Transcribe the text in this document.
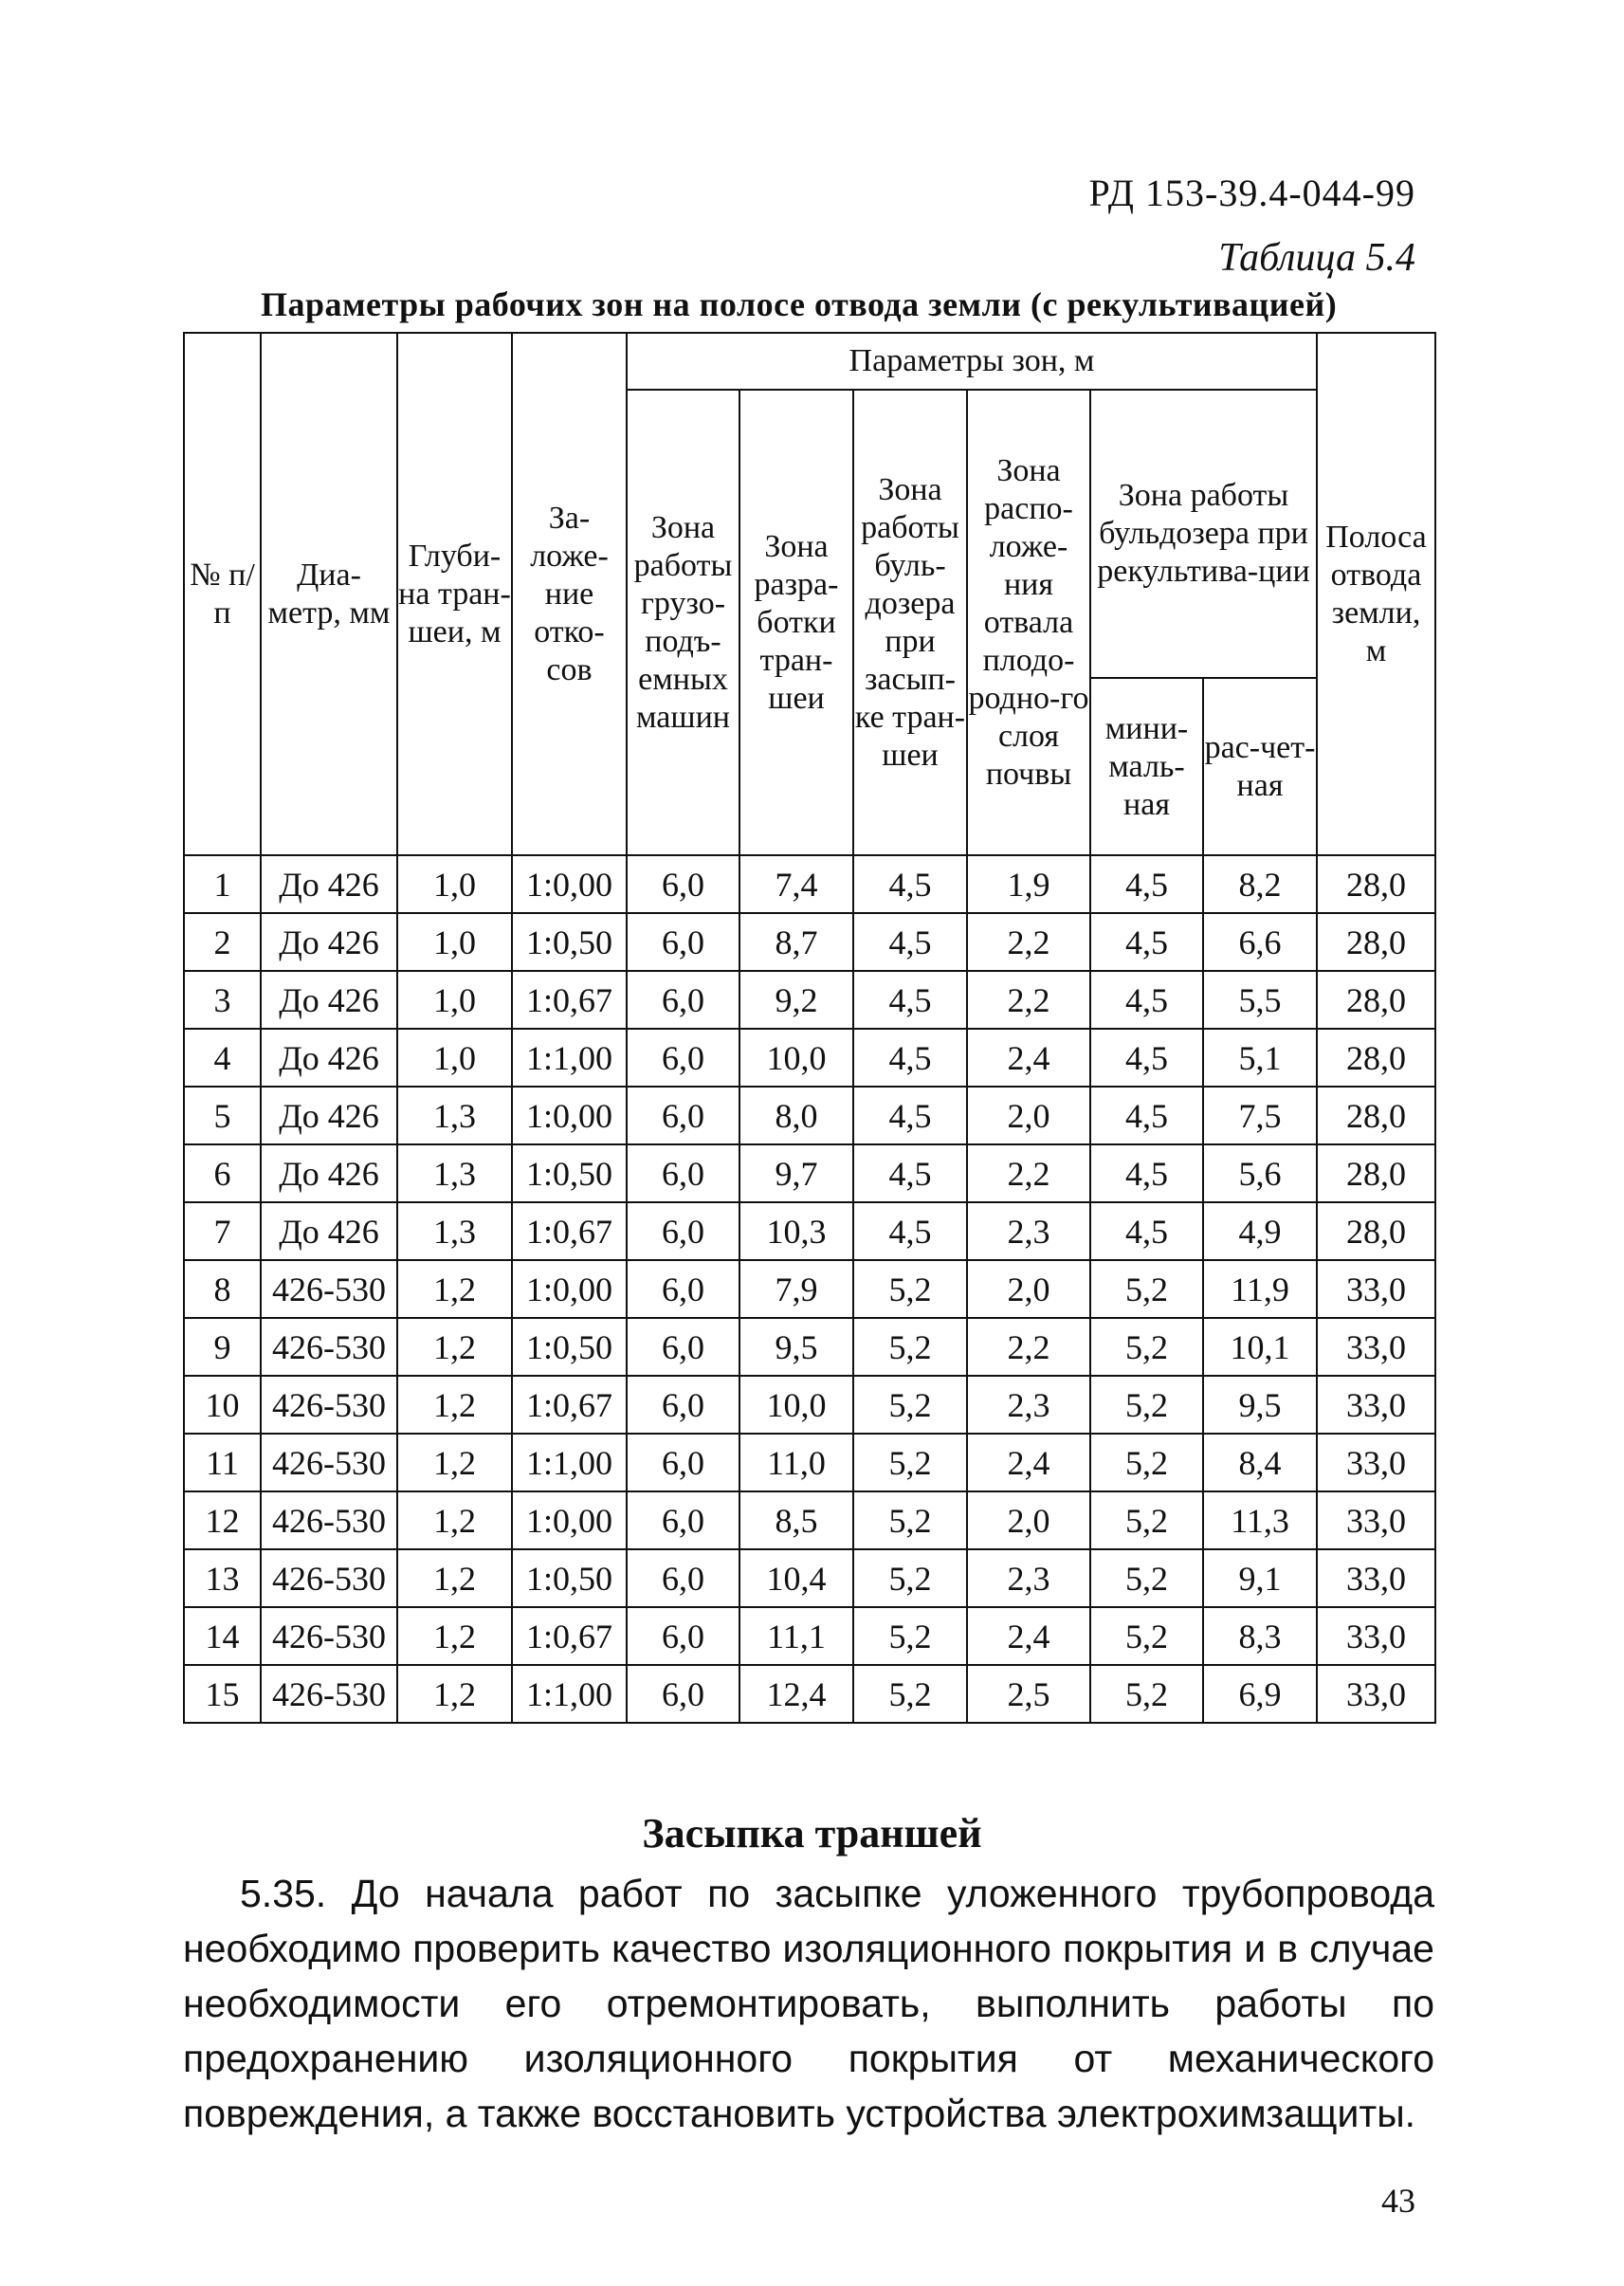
РД 153-39.4-044-99
Таблица 5.4
Параметры рабочих зон на полосе отвода земли (с рекультивацией)
№ п/п	Диа-метр, мм	Глуби-на тран-шеи, м	За-ложе-ние отко-сов	Параметры зон, м						Полоса отвода земли, м
				Зона работы грузо-подъ-емных машин	Зона разра-ботки тран-шеи	Зона работы буль-дозера при засып-ке тран-шеи	Зона распо-ложе-ния отвала плодо-родно-го слоя почвы	Зона работы бульдозера при рекультива-ции		
								мини-маль-ная	рас-чет-ная	
1	До 426	1,0	1:0,00	6,0	7,4	4,5	1,9	4,5	8,2	28,0
2	До 426	1,0	1:0,50	6,0	8,7	4,5	2,2	4,5	6,6	28,0
3	До 426	1,0	1:0,67	6,0	9,2	4,5	2,2	4,5	5,5	28,0
4	До 426	1,0	1:1,00	6,0	10,0	4,5	2,4	4,5	5,1	28,0
5	До 426	1,3	1:0,00	6,0	8,0	4,5	2,0	4,5	7,5	28,0
6	До 426	1,3	1:0,50	6,0	9,7	4,5	2,2	4,5	5,6	28,0
7	До 426	1,3	1:0,67	6,0	10,3	4,5	2,3	4,5	4,9	28,0
8	426-530	1,2	1:0,00	6,0	7,9	5,2	2,0	5,2	11,9	33,0
9	426-530	1,2	1:0,50	6,0	9,5	5,2	2,2	5,2	10,1	33,0
10	426-530	1,2	1:0,67	6,0	10,0	5,2	2,3	5,2	9,5	33,0
11	426-530	1,2	1:1,00	6,0	11,0	5,2	2,4	5,2	8,4	33,0
12	426-530	1,2	1:0,00	6,0	8,5	5,2	2,0	5,2	11,3	33,0
13	426-530	1,2	1:0,50	6,0	10,4	5,2	2,3	5,2	9,1	33,0
14	426-530	1,2	1:0,67	6,0	11,1	5,2	2,4	5,2	8,3	33,0
15	426-530	1,2	1:1,00	6,0	12,4	5,2	2,5	5,2	6,9	33,0
Засыпка траншей

5.35. До начала работ по засыпке уложенного трубопровода необходимо проверить качество изоляционного покрытия и в случае необходимости его отремонтировать, выполнить работы по предохранению изоляционного покрытия от механического повреждения, а также восстановить устройства электрохимзащиты.

43
